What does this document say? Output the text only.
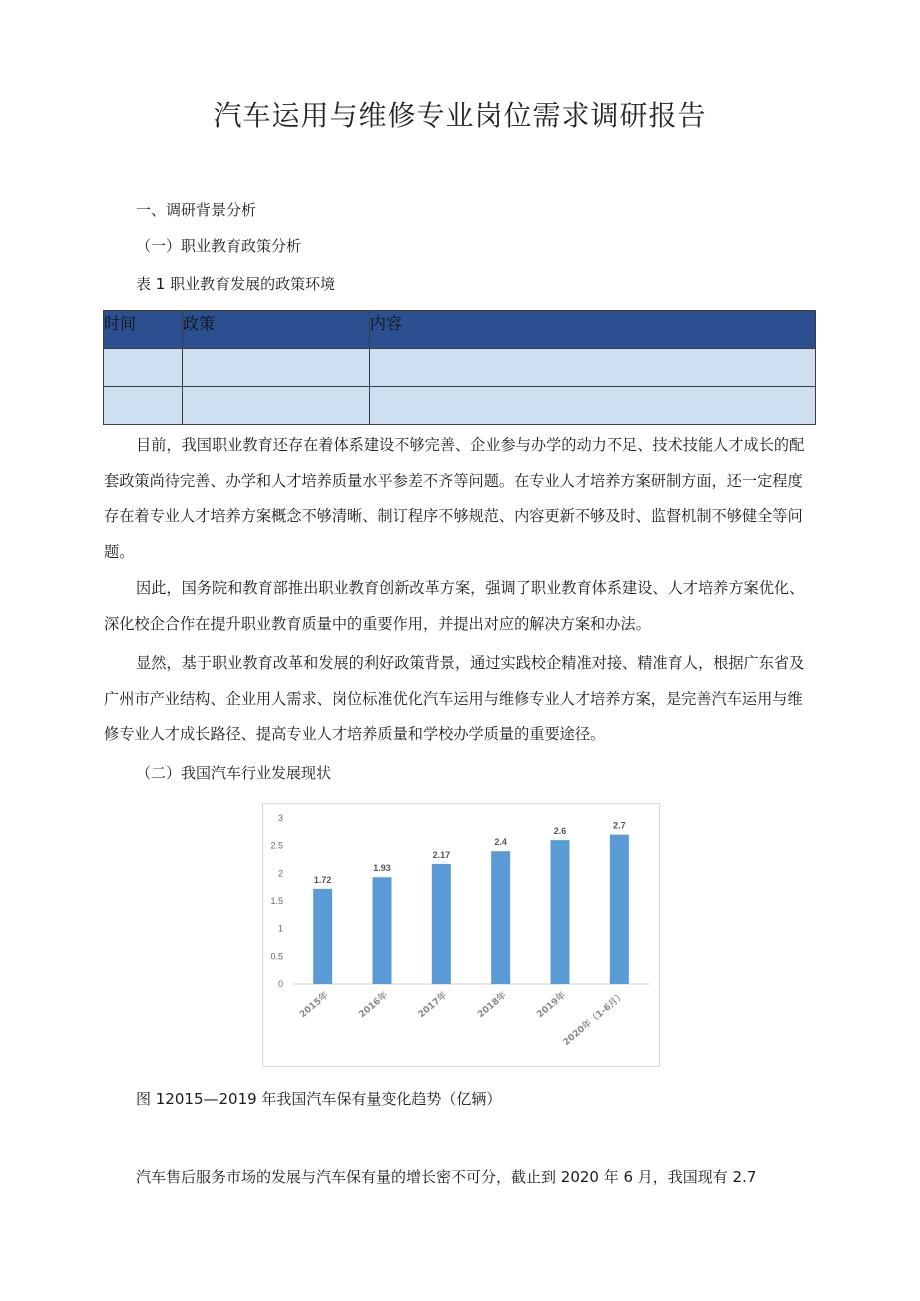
汽车运用与维修专业岗位需求调研报告
一、调研背景分析
（一）职业教育政策分析
表 1 职业教育发展的政策环境
时间	政策	内容

目前，我国职业教育还存在着体系建设不够完善、企业参与办学的动力不足、技术技能人才成长的配套政策尚待完善、办学和人才培养质量水平参差不齐等问题。在专业人才培养方案研制方面，还一定程度存在着专业人才培养方案概念不够清晰、制订程序不够规范、内容更新不够及时、监督机制不够健全等问题。

因此，国务院和教育部推出职业教育创新改革方案，强调了职业教育体系建设、人才培养方案优化、深化校企合作在提升职业教育质量中的重要作用，并提出对应的解决方案和办法。

显然，基于职业教育改革和发展的利好政策背景，通过实践校企精准对接、精准育人，根据广东省及广州市产业结构、企业用人需求、岗位标准优化汽车运用与维修专业人才培养方案，是完善汽车运用与维修专业人才成长路径、提高专业人才培养质量和学校办学质量的重要途径。

（二）我国汽车行业发展现状
0
0.5
1
1.5
2
2.5
3
1.72
2015年
1.93
2016年
2.17
2017年
2.4
2018年
2.6
2019年
2.7
2020年（1-6月）
图 12015—2019 年我国汽车保有量变化趋势（亿辆）
汽车售后服务市场的发展与汽车保有量的增长密不可分，截止到 2020 年 6 月，我国现有 2.7
